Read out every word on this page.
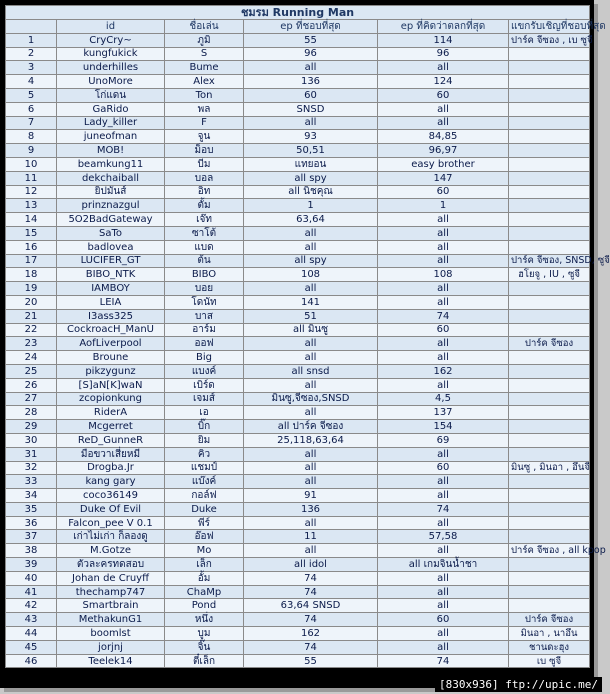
ชมรม Running Man					
	id	ชื่อเล่น	ep ที่ชอบที่สุด	ep ที่คิดว่าตลกที่สุด	แขกรับเชิญที่ชอบที่สุด
1	CryCry~	ภูมิ	55	114	ปาร์ค จีซอง , เบ ซูจี
2	kungfukick	S	96	96	
3	underhilles	Bume	all	all	
4	UnoMore	Alex	136	124	
5	โก่แดน	Ton	60	60	
6	GaRido	พล	SNSD	all	
7	Lady_killer	F	all	all	
8	juneofman	จูน	93	84,85	
9	MOB!	ม็อบ	50,51	96,97	
10	beamkung11	บีม	แทยอน	easy brother	
11	dekchaiball	บอล	all spy	147	
12	ยิปมันส์	อิท	all นิชคุณ	60	
13	prinznazgul	ตั้ม	1	1	
14	5O2BadGateway	เจ๊ท	63,64	all	
15	SaTo	ซาโต้	all	all	
16	badlovea	แบด	all	all	
17	LUCIFER_GT	ต้น	all spy	all	ปาร์ค จีซอง, SNSD, ซูจี
18	BIBO_NTK	BIBO	108	108	ฮโยจู , IU , ซูจี
19	IAMBOY	บอย	all	all	
20	LEIA	โดนัท	141	all	
21	I3ass325	บาส	51	74	
22	CockroacH_ManU	อาร์ม	all มินซู	60	
23	AofLiverpool	ออฟ	all	all	ปาร์ค จีซอง
24	Broune	Big	all	all	
25	pikzygunz	แบงค์	all snsd	162	
26	[S]aN[K]waN	เบิร์ด	all	all	
27	zcopionkung	เจมส์	มินซู,จีซอง,SNSD	4,5	
28	RiderA	เอ	all	137	
29	Mcgerret	บิ๊ก	all ปาร์ค จีซอง	154	
30	ReD_GunneR	ยิม	25,118,63,64	69	
31	มือขวาเสี่ยหมี	คิว	all	all	
32	Drogba.Jr	แชมป์	all	60	มินซู , มินอา , อึนจี
33	kang gary	แบ๊งค์	all	all	
34	coco36149	กอล์ฟ	91	all	
35	Duke Of Evil	Duke	136	74	
36	Falcon_pee V 0.1	พีร์	all	all	
37	เก่าไม่เก่า ก็ลองดู	อ๊อฟ	11	57,58	
38	M.Gotze	Mo	all	all	ปาร์ค จีซอง , all kpop
39	ตัวละครทดสอบ	เล็ก	all idol	all เกมจินน้ำชา	
40	Johan de Cruyff	อั้ม	74	all	
41	thechamp747	ChaMp	74	all	
42	Smartbrain	Pond	63,64 SNSD	all	
43	MethakunG1	หนึ่ง	74	60	ปาร์ค จีซอง
44	boomlst	บูม	162	all	มินอา , นาอึน
45	jorjnj	จิ๊น	74	all	ชานดะฮุง
46	Teelek14	ตี๋เล็ก	55	74	เบ ซูจี
[830x936] ftp://upic.me/
